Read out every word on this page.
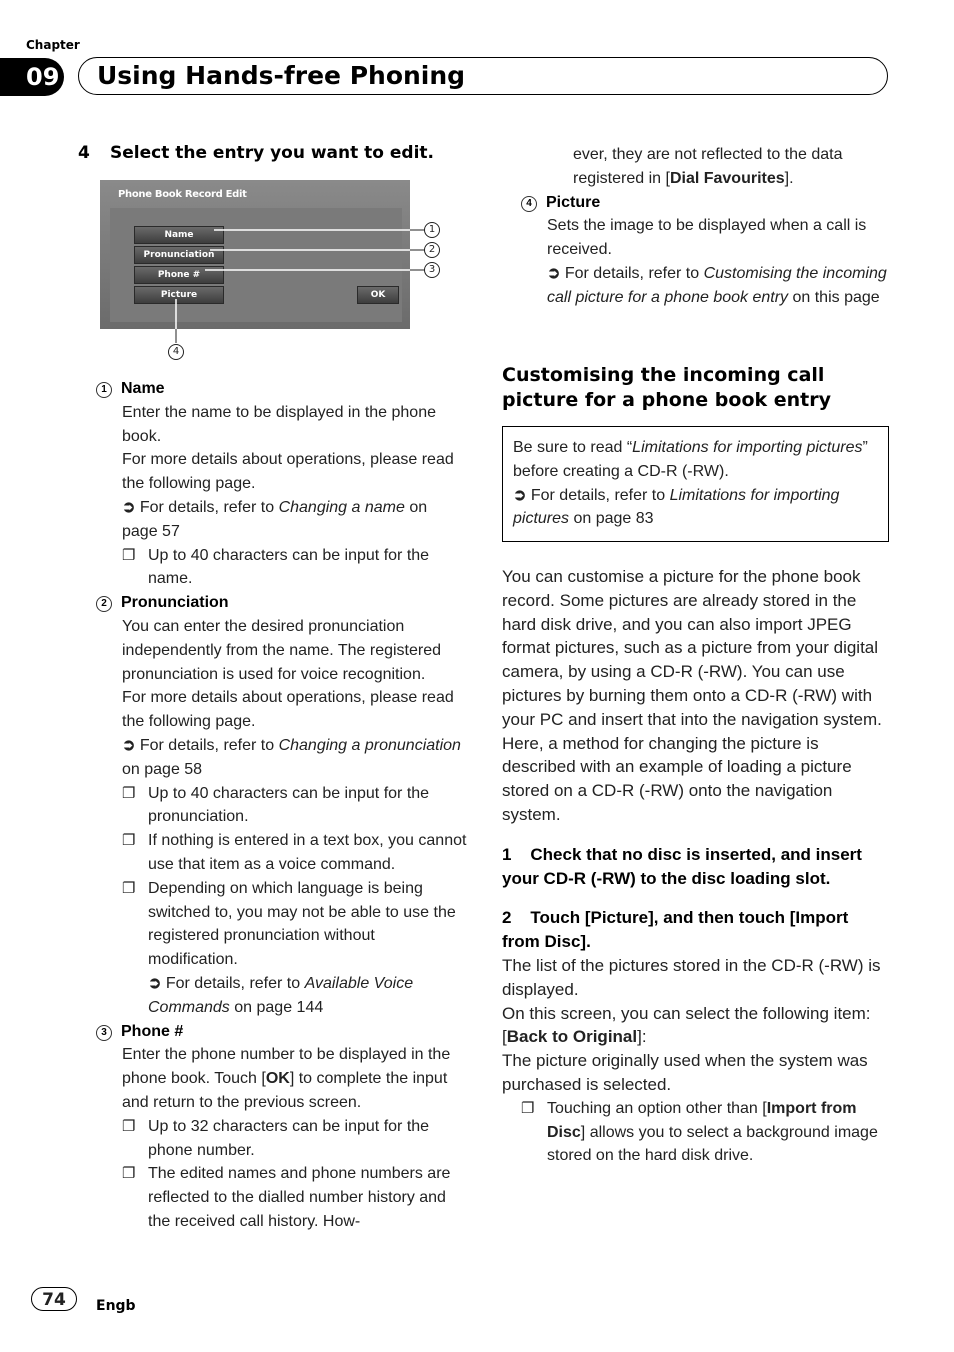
Chapter
09 Using Hands-free Phoning
4 Select the entry you want to edit.
Phone Book Record Edit
Name
Pronunciation
Phone #
Picture	OK
1
2
3
4

1 Name

Enter the name to be displayed in the phone book.

For more details about operations, please read the following page.

➲ For details, refer to Changing a name on page 57

❐ Up to 40 characters can be input for the name.

2 Pronunciation

You can enter the desired pronunciation independently from the name. The registered pronunciation is used for voice recognition.

For more details about operations, please read the following page.

➲ For details, refer to Changing a pronunciation on page 58

❐ Up to 40 characters can be input for the pronunciation.

❐ If nothing is entered in a text box, you cannot use that item as a voice command.

❐ Depending on which language is being switched to, you may not be able to use the registered pronunciation without modification.

➲ For details, refer to Available Voice Commands on page 144

3 Phone #

Enter the phone number to be displayed in the phone book. Touch [OK] to complete the input and return to the previous screen.

❐ Up to 32 characters can be input for the phone number.

❐ The edited names and phone numbers are reflected to the dialled number history and the received call history. How-

ever, they are not reflected to the data registered in [Dial Favourites].

4 Picture

Sets the image to be displayed when a call is received.

➲ For details, refer to Customising the incoming call picture for a phone book entry on this page

Customising the incoming call picture for a phone book entry

Be sure to read “Limitations for importing pictures” before creating a CD-R (-RW).

➲ For details, refer to Limitations for importing pictures on page 83

You can customise a picture for the phone book record. Some pictures are already stored in the hard disk drive, and you can also import JPEG format pictures, such as a picture from your digital camera, by using a CD-R (-RW). You can use pictures by burning them onto a CD-R (-RW) with your PC and insert that into the navigation system.

Here, a method for changing the picture is described with an example of loading a picture stored on a CD-R (-RW) onto the navigation system.

1 Check that no disc is inserted, and insert your CD-R (-RW) to the disc loading slot.

2 Touch [Picture], and then touch [Import from Disc].

The list of the pictures stored in the CD-R (-RW) is displayed.

On this screen, you can select the following item:

[Back to Original]:

The picture originally used when the system was purchased is selected.

❐ Touching an option other than [Import from Disc] allows you to select a background image stored on the hard disk drive.

74	Engb
